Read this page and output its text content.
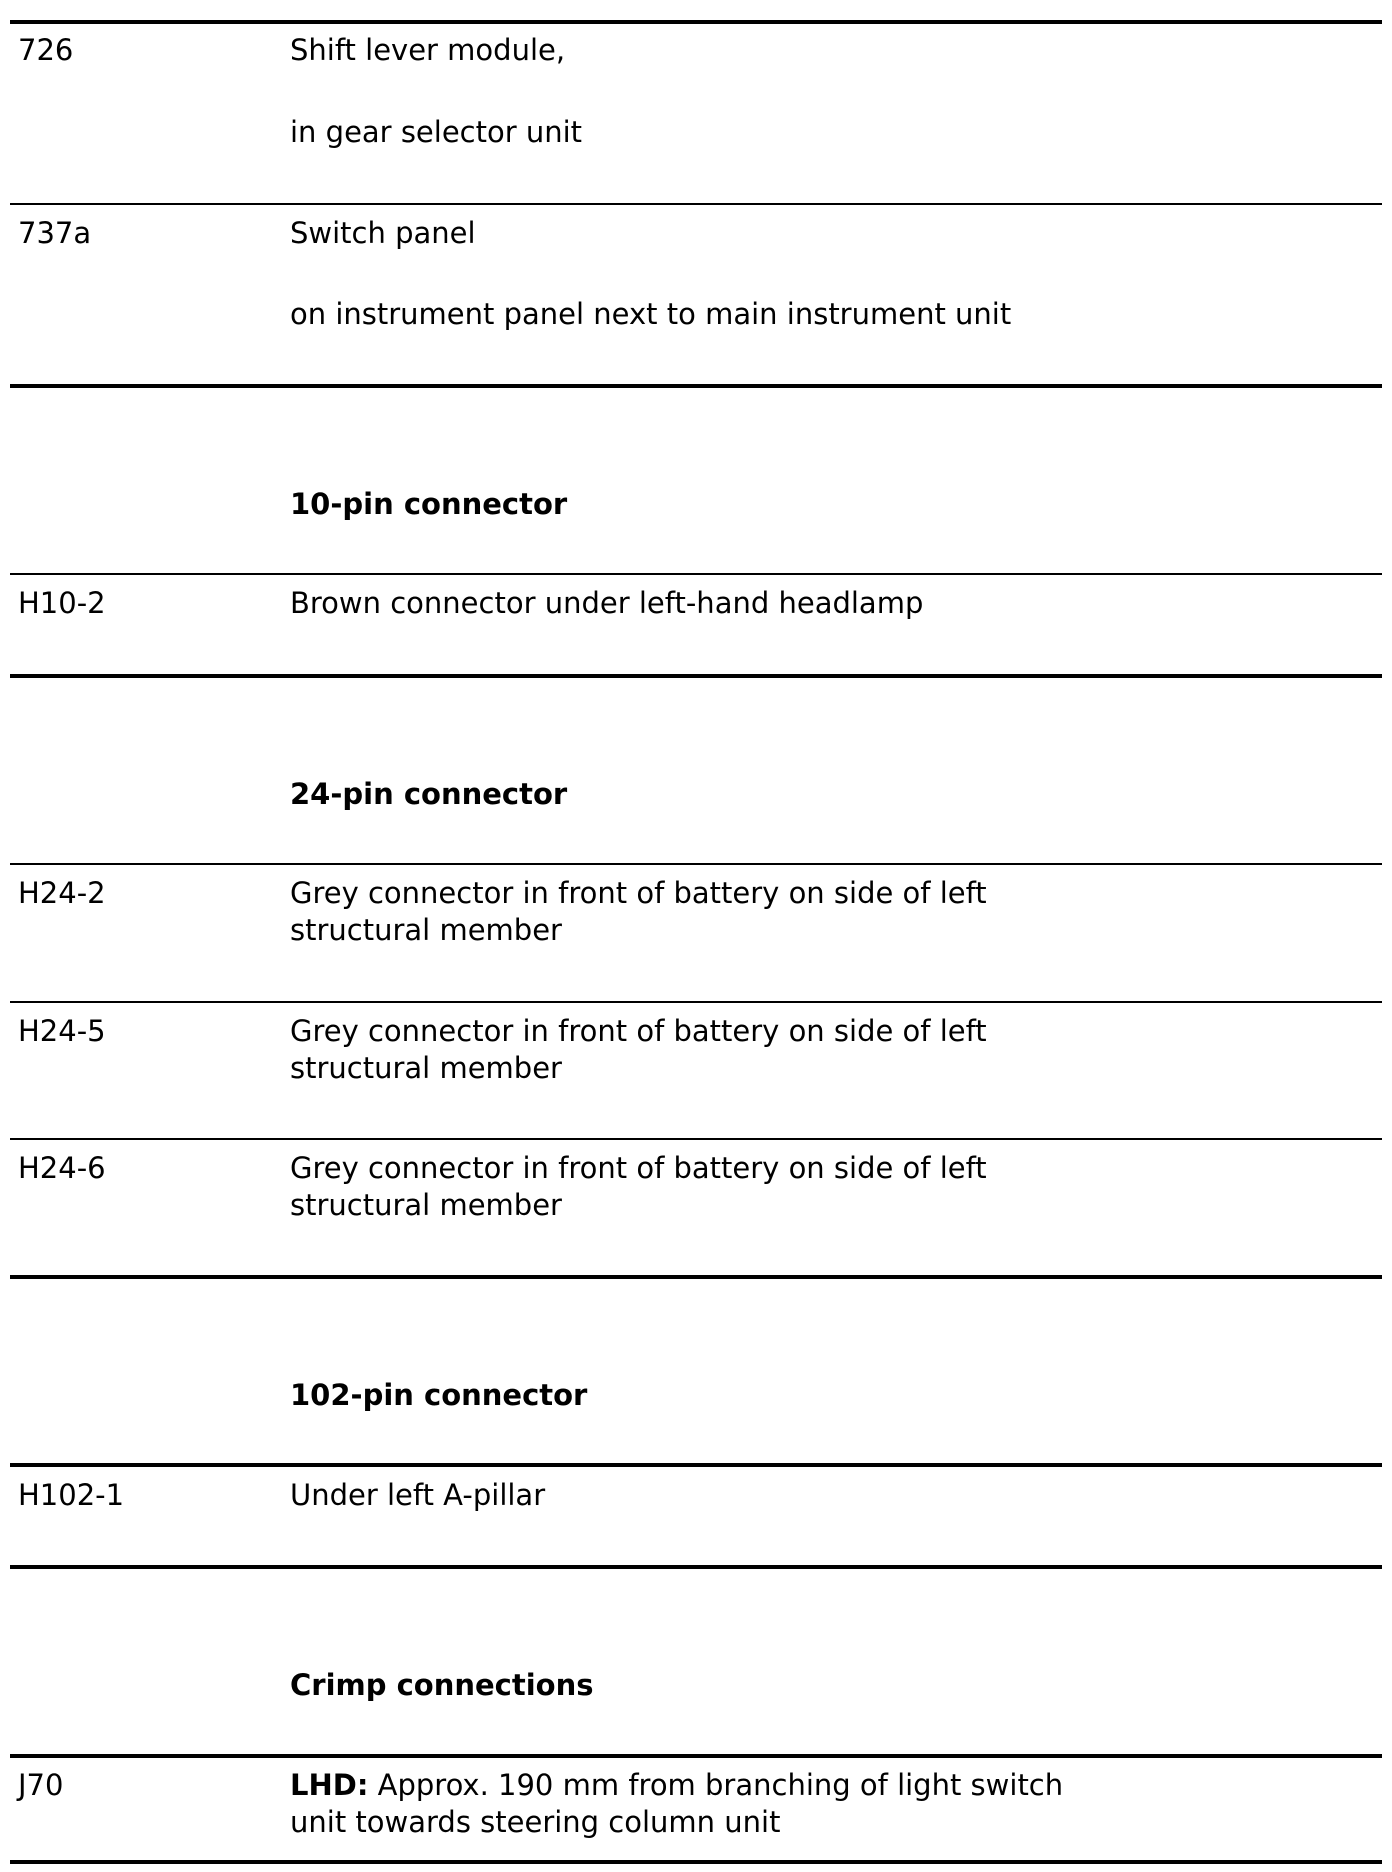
726	Shift lever module,
in gear selector unit
737a	Switch panel
on instrument panel next to main instrument unit
10-pin connector
H10-2	Brown connector under left-hand headlamp
24-pin connector
H24-2	Grey connector in front of battery on side of left
structural member
H24-5	Grey connector in front of battery on side of left
structural member
H24-6	Grey connector in front of battery on side of left
structural member
102-pin connector
H102-1	Under left A-pillar
Crimp connections
J70	LHD: Approx. 190 mm from branching of light switch
unit towards steering column unit
